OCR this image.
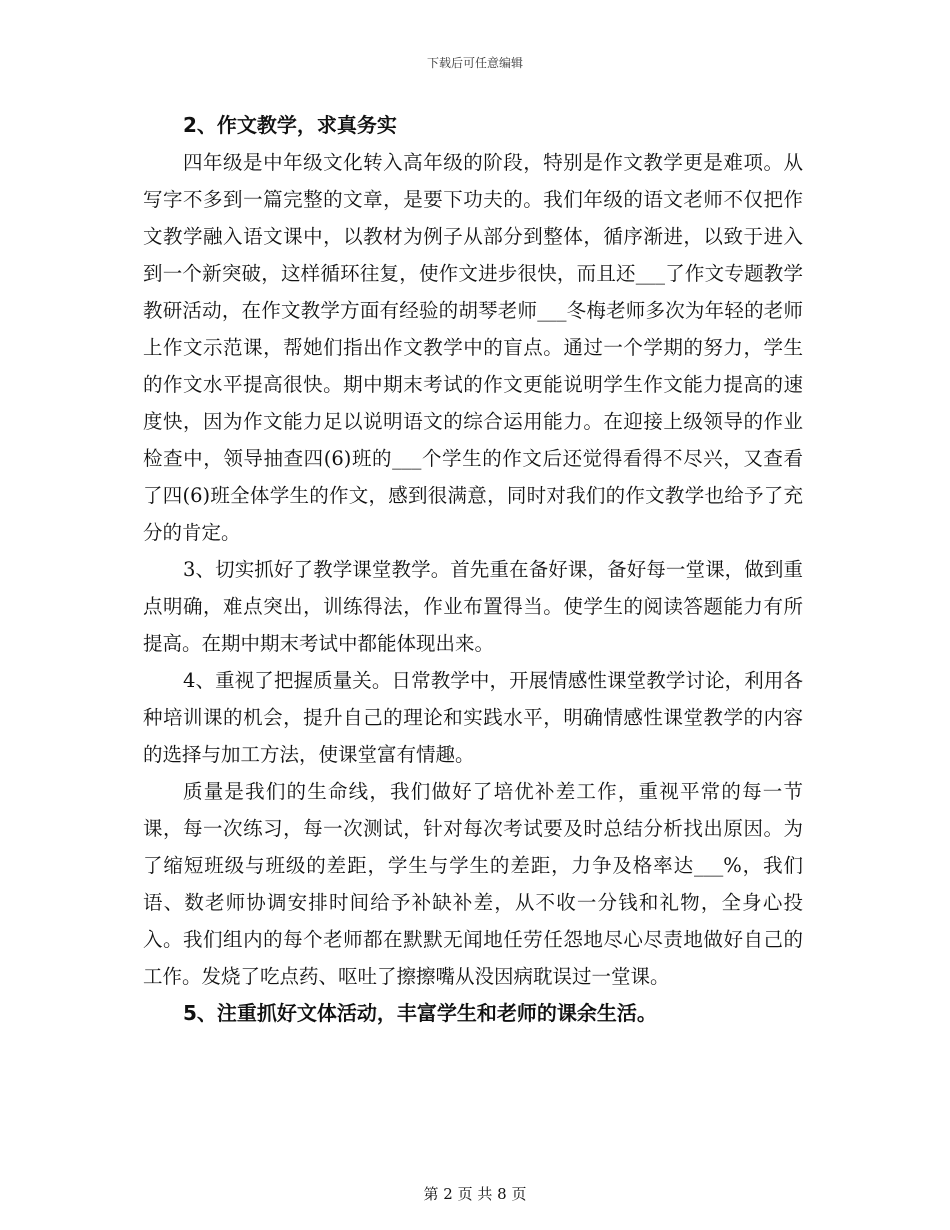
下载后可任意编辑

2、作文教学，求真务实

四年级是中年级文化转入高年级的阶段，特别是作文教学更是难项。从写字不多到一篇完整的文章，是要下功夫的。我们年级的语文老师不仅把作文教学融入语文课中，以教材为例子从部分到整体，循序渐进，以致于进入到一个新突破，这样循环往复，使作文进步很快，而且还___了作文专题教学教研活动，在作文教学方面有经验的胡琴老师___冬梅老师多次为年轻的老师上作文示范课，帮她们指出作文教学中的盲点。通过一个学期的努力，学生的作文水平提高很快。期中期末考试的作文更能说明学生作文能力提高的速度快，因为作文能力足以说明语文的综合运用能力。在迎接上级领导的作业检查中，领导抽查四(6)班的___个学生的作文后还觉得看得不尽兴，又查看了四(6)班全体学生的作文，感到很满意，同时对我们的作文教学也给予了充分的肯定。

3、切实抓好了教学课堂教学。首先重在备好课，备好每一堂课，做到重点明确，难点突出，训练得法，作业布置得当。使学生的阅读答题能力有所提高。在期中期末考试中都能体现出来。

4、重视了把握质量关。日常教学中，开展情感性课堂教学讨论，利用各种培训课的机会，提升自己的理论和实践水平，明确情感性课堂教学的内容的选择与加工方法，使课堂富有情趣。

质量是我们的生命线，我们做好了培优补差工作，重视平常的每一节课，每一次练习，每一次测试，针对每次考试要及时总结分析找出原因。为了缩短班级与班级的差距，学生与学生的差距，力争及格率达___%，我们语、数老师协调安排时间给予补缺补差，从不收一分钱和礼物，全身心投入。我们组内的每个老师都在默默无闻地任劳任怨地尽心尽责地做好自己的工作。发烧了吃点药、呕吐了擦擦嘴从没因病耽误过一堂课。

5、注重抓好文体活动，丰富学生和老师的课余生活。

第 2 页 共 8 页
